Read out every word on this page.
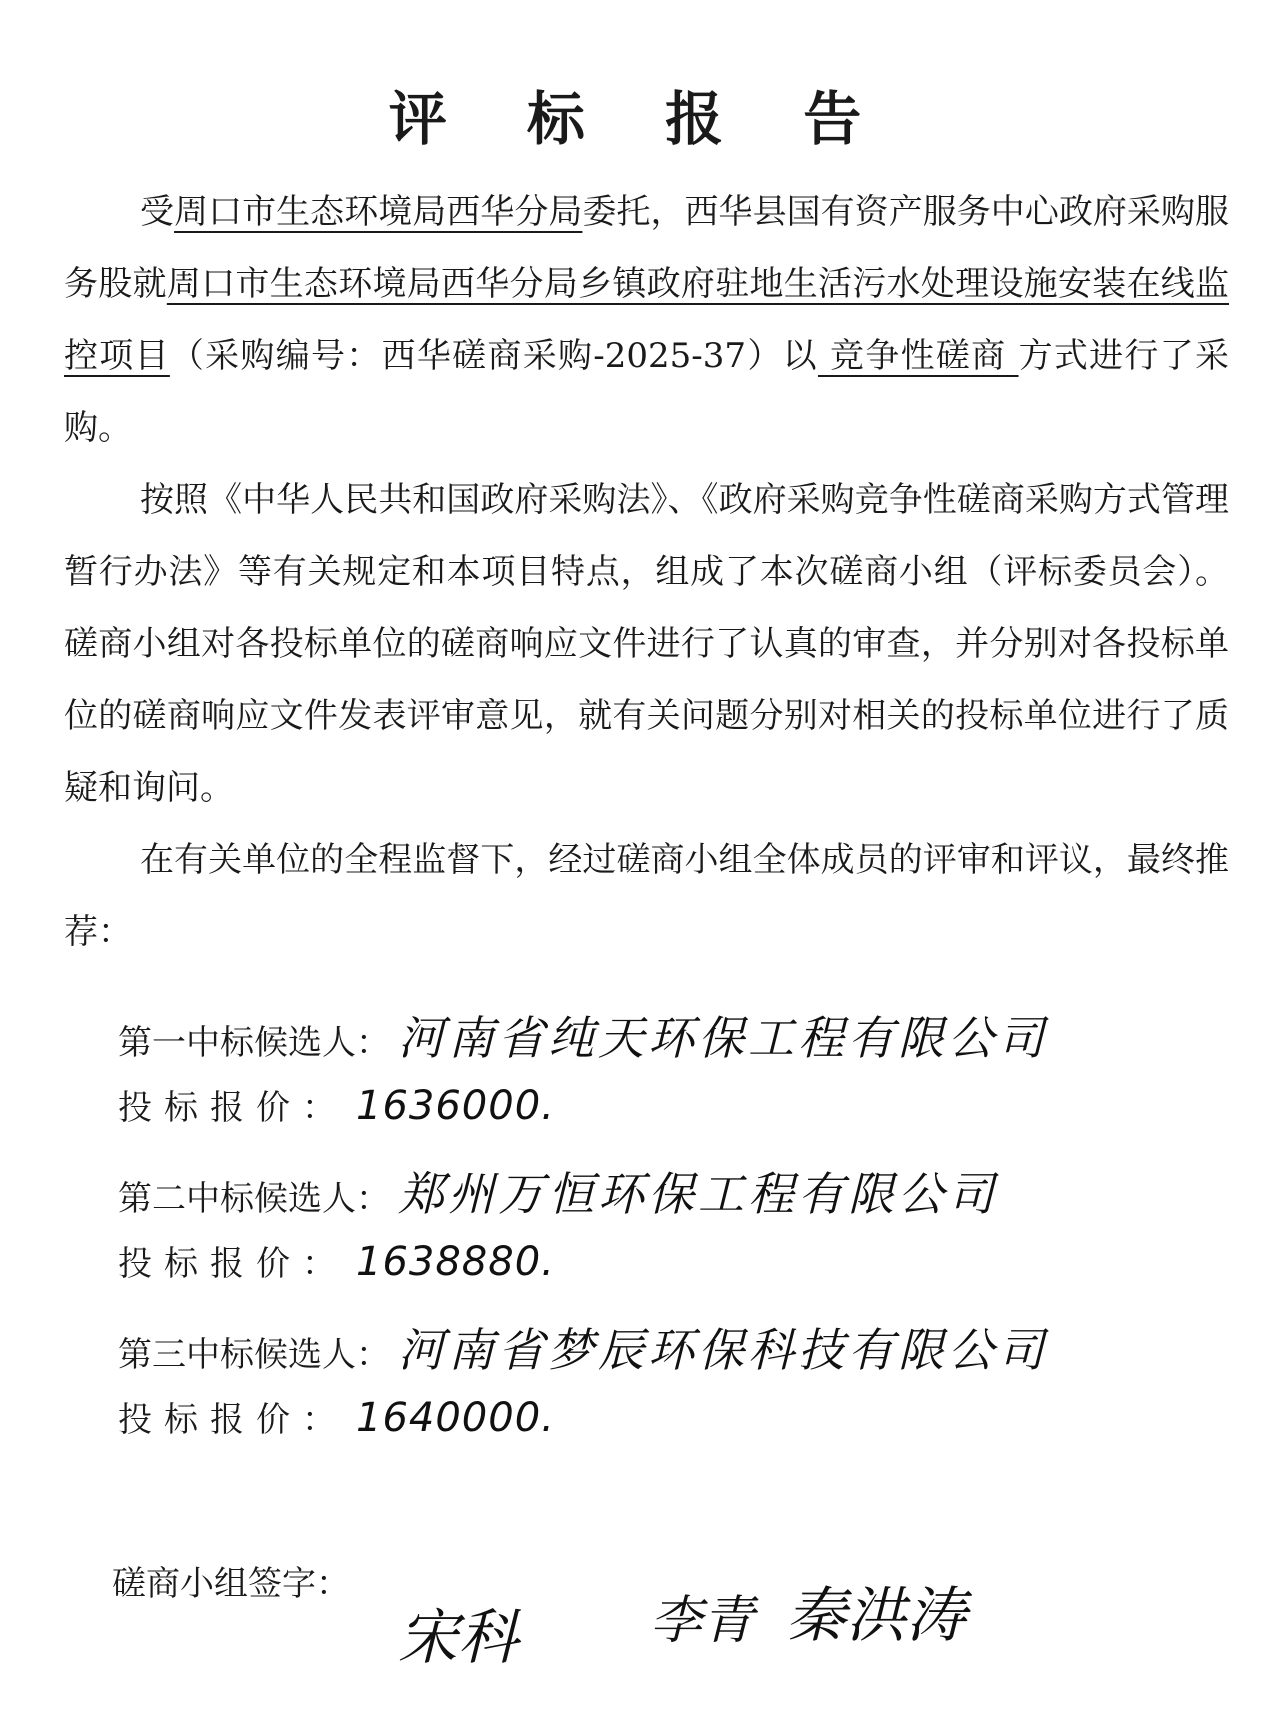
评 标 报 告
受周口市生态环境局西华分局委托，西华县国有资产服务中心政府采购服务股就周口市生态环境局西华分局乡镇政府驻地生活污水处理设施安装在线监控项目（采购编号：西华磋商采购-2025-37）以 竞争性磋商 方式进行了采购。
按照《中华人民共和国政府采购法》、《政府采购竞争性磋商采购方式管理暂行办法》等有关规定和本项目特点，组成了本次磋商小组（评标委员会）。磋商小组对各投标单位的磋商响应文件进行了认真的审查，并分别对各投标单位的磋商响应文件发表评审意见，就有关问题分别对相关的投标单位进行了质疑和询问。
在有关单位的全程监督下，经过磋商小组全体成员的评审和评议，最终推荐：
第一中标候选人： 河南省纯天环保工程有限公司
投标报价： 1636000.
第二中标候选人： 郑州万恒环保工程有限公司
投标报价： 1638880.
第三中标候选人： 河南省梦辰环保科技有限公司
投标报价： 1640000.
磋商小组签字：
宋科	李青 秦洪涛
